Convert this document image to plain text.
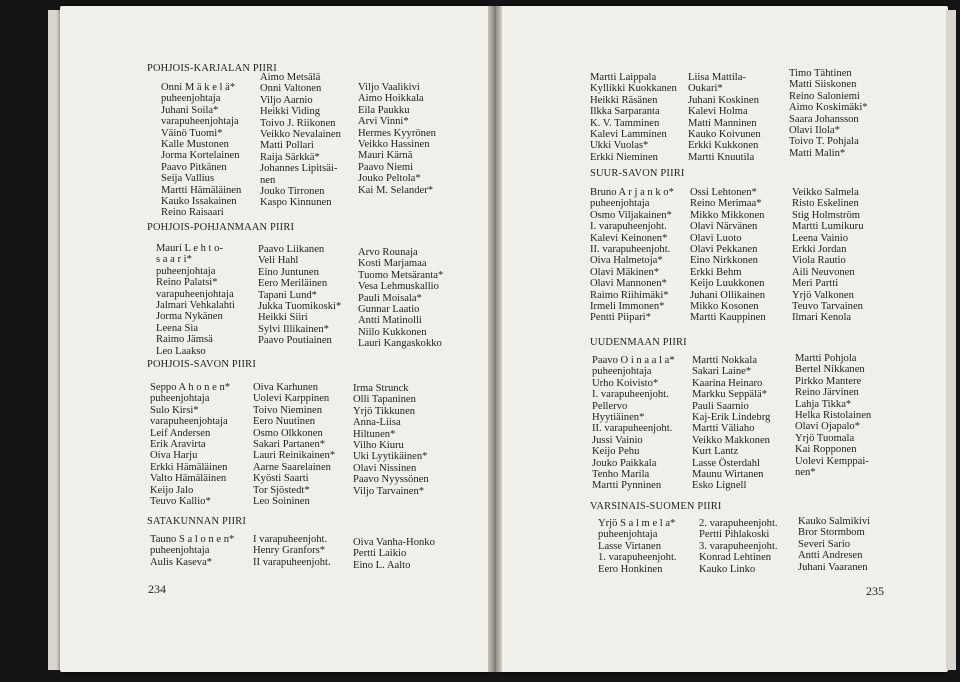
234
POHJOIS-KARJALAN PIIRI
Onni M ä k e l ä*
puheenjohtaja
Juhani Soila*
varapuheenjohtaja
Väinö Tuomi*
Kalle Mustonen
Jorma Kortelainen
Paavo Pitkänen
Seija Vallius
Martti Hämäläinen
Kauko Issakainen
Reino Raisaari
Aimo Metsälä
Onni Valtonen
Viljo Aarnio
Heikki Viding
Toivo J. Riikonen
Veikko Nevalainen
Matti Pollari
Raija Särkkä*
Johannes Lipitsäi-
nen
Jouko Tirronen
Kaspo Kinnunen
Viljo Vaalikivi
Aimo Hoikkala
Eila Paukku
Arvi Vinni*
Hermes Kyyrönen
Veikko Hassinen
Mauri Kärnä
Paavo Niemi
Jouko Peltola*
Kai M. Selander*
POHJOIS-POHJANMAAN PIIRI
Mauri L e h t o-
s a a r i*
puheenjohtaja
Reino Palatsi*
varapuheenjohtaja
Jalmari Vehkalahti
Jorma Nykänen
Leena Sia
Raimo Jämsä
Leo Laakso
Paavo Liikanen
Veli Hahl
Eino Juntunen
Eero Meriläinen
Tapani Lund*
Jukka Tuomikoski*
Heikki Siiri
Sylvi Illikainen*
Paavo Poutiainen
Arvo Rounaja
Kosti Marjamaa
Tuomo Metsäranta*
Vesa Lehmuskallio
Pauli Moisala*
Gunnar Laatio
Antti Matinolli
Niilo Kukkonen
Lauri Kangaskokko
POHJOIS-SAVON PIIRI
Seppo A h o n e n*
puheenjohtaja
Sulo Kirsi*
varapuheenjohtaja
Leif Andersen
Erik Aravirta
Oiva Harju
Erkki Hämäläinen
Valto Hämäläinen
Keijo Jalo
Teuvo Kallio*
Oiva Karhunen
Uolevi Karppinen
Toivo Nieminen
Eero Nuutinen
Osmo Olkkonen
Sakari Partanen*
Lauri Reinikainen*
Aarne Saarelainen
Kyösti Saarti
Tor Sjöstedt*
Leo Soininen
Irma Strunck
Olli Tapaninen
Yrjö Tikkunen
Anna-Liisa
Hiltunen*
Vilho Kiuru
Uki Lyytikäinen*
Olavi Nissinen
Paavo Nyyssönen
Viljo Tarvainen*
SATAKUNNAN PIIRI
Tauno S a l o n e n*
puheenjohtaja
Aulis Kaseva*
I varapuheenjoht.
Henry Granfors*
II varapuheenjoht.
Oiva Vanha-Honko
Pertti Laikio
Eino L. Aalto
235
Martti Laippala
Kyllikki Kuokkanen
Heikki Räsänen
Ilkka Sarparanta
K. V. Tamminen
Kalevi Lamminen
Ukki Vuolas*
Erkki Nieminen
Liisa Mattila-
Oukari*
Juhani Koskinen
Kalevi Holma
Matti Manninen
Kauko Koivunen
Erkki Kukkonen
Martti Knuutila
Timo Tähtinen
Matti Siiskonen
Reino Saloniemi
Aimo Koskimäki*
Saara Johansson
Olavi Ilola*
Toivo T. Pohjala
Matti Malin*
SUUR-SAVON PIIRI
Bruno A r j a n k o*
puheenjohtaja
Osmo Viljakainen*
I. varapuheenjoht.
Kalevi Keinonen*
II. varapuheenjoht.
Oiva Halmetoja*
Olavi Mäkinen*
Olavi Mannonen*
Raimo Riihimäki*
Irmeli Immonen*
Pentti Piipari*
Ossi Lehtonen*
Reino Merimaa*
Mikko Mikkonen
Olavi Närvänen
Olavi Luoto
Olavi Pekkanen
Eino Nirkkonen
Erkki Behm
Keijo Luukkonen
Juhani Ollikainen
Mikko Kosonen
Martti Kauppinen
Veikko Salmela
Risto Eskelinen
Stig Holmström
Martti Lumikuru
Leena Vainio
Erkki Jordan
Viola Rautio
Aili Neuvonen
Meri Partti
Yrjö Valkonen
Teuvo Tarvainen
Ilmari Kenola
UUDENMAAN PIIRI
Paavo O i n a a l a*
puheenjohtaja
Urho Koivisto*
I. varapuheenjoht.
Pellervo
Hyytiäinen*
II. varapuheenjoht.
Jussi Vainio
Keijo Pehu
Jouko Paikkala
Tenho Marila
Martti Pynninen
Martti Nokkala
Sakari Laine*
Kaarina Heinaro
Markku Seppälä*
Pauli Saarnio
Kaj-Erik Lindebrg
Martti Väliaho
Veikko Makkonen
Kurt Lantz
Lasse Österdahl
Maunu Wirtanen
Esko Lignell
Martti Pohjola
Bertel Nikkanen
Pirkko Mantere
Reino Järvinen
Lahja Tikka*
Helka Ristolainen
Olavi Ojapalo*
Yrjö Tuomala
Kai Ropponen
Uolevi Kemppai-
nen*
VARSINAIS-SUOMEN PIIRI
Yrjö S a l m e l a*
puheenjohtaja
Lasse Virtanen
1. varapuheenjoht.
Eero Honkinen
2. varapuheenjoht.
Pertti Pihlakoski
3. varapuheenjoht.
Konrad Lehtinen
Kauko Linko
Kauko Salmikivi
Bror Stormbom
Severi Sario
Antti Andresen
Juhani Vaaranen
